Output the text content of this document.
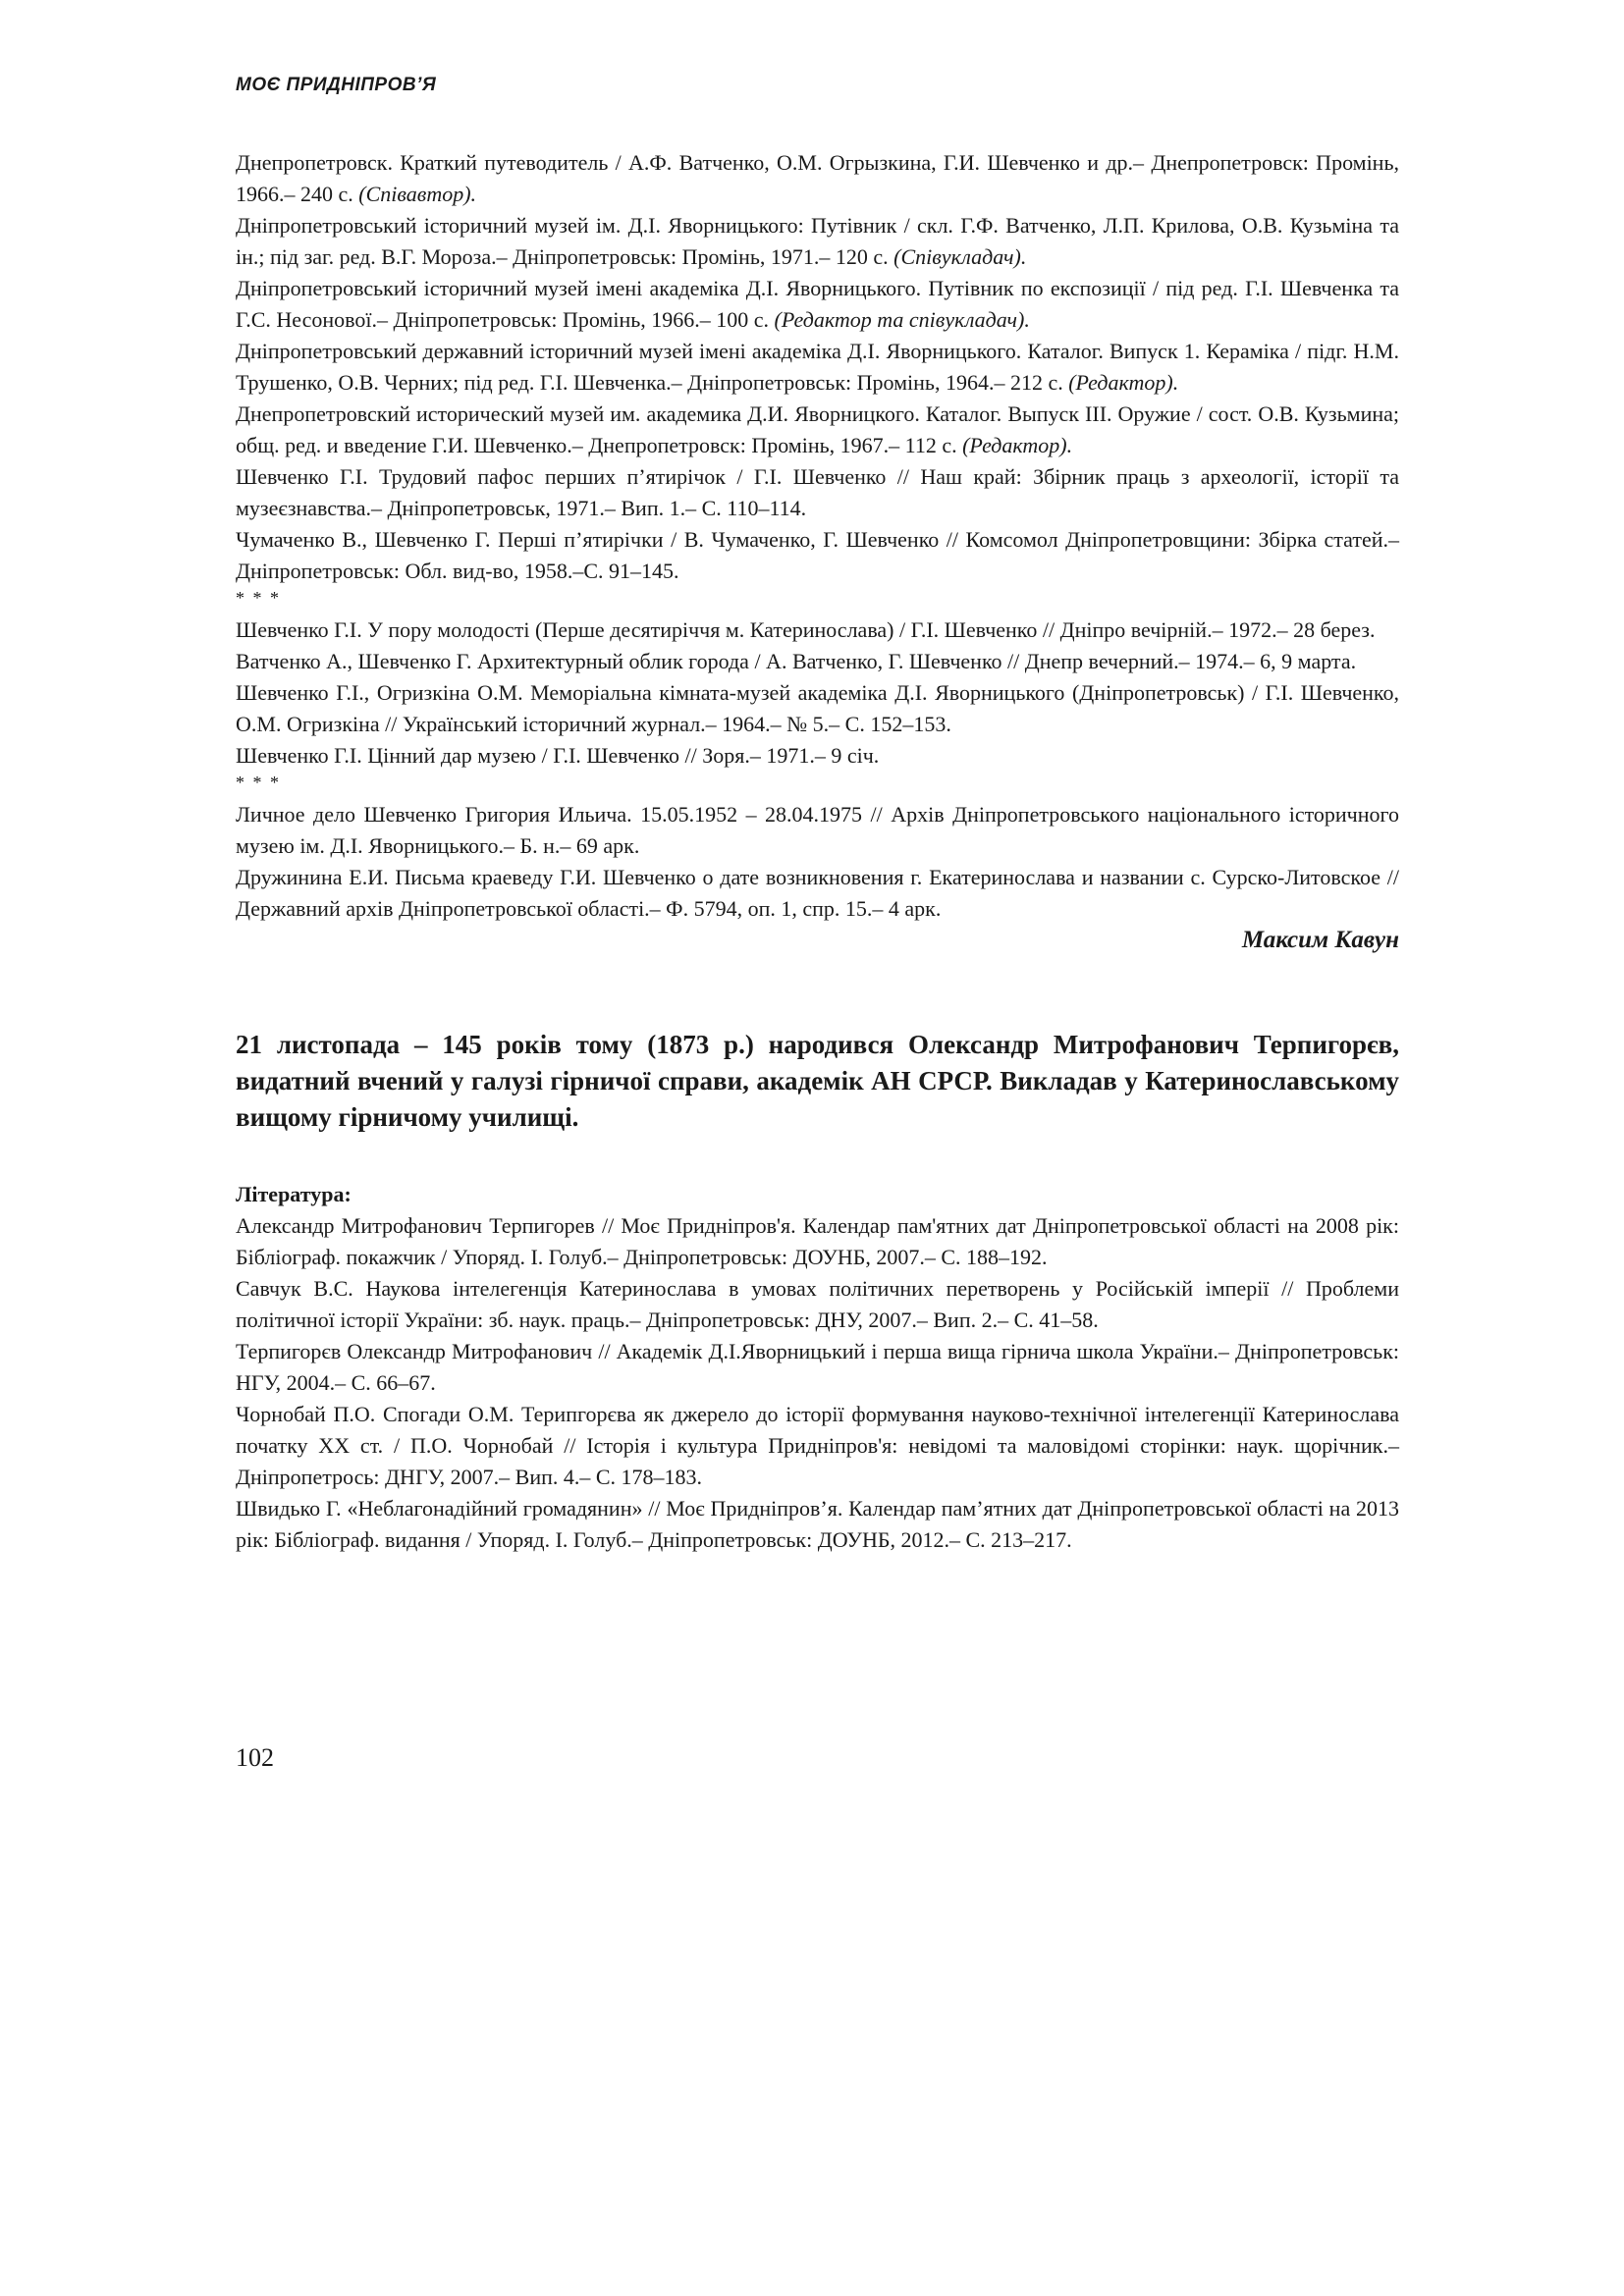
МОЄ ПРИДНІПРОВ’Я

Днепропетровск. Краткий путеводитель / А.Ф. Ватченко, О.М. Огрызкина, Г.И. Шевченко и др.– Днепропетровск: Промінь, 1966.– 240 с. (Співавтор).

Дніпропетровський історичний музей ім. Д.І. Яворницького: Путівник / скл. Г.Ф. Ватченко, Л.П. Крилова, О.В. Кузьміна та ін.; під заг. ред. В.Г. Мороза.– Дніпропетровськ: Промінь, 1971.– 120 с. (Співукладач).

Дніпропетровський історичний музей імені академіка Д.І. Яворницького. Путівник по експозиції / під ред. Г.І. Шевченка та Г.С. Несонової.– Дніпропетровськ: Промінь, 1966.– 100 с. (Редактор та співукладач).

Дніпропетровський державний історичний музей імені академіка Д.І. Яворницького. Каталог. Випуск 1. Кераміка / підг. Н.М. Трушенко, О.В. Черних; під ред. Г.І. Шевченка.– Дніпропетровськ: Промінь, 1964.– 212 с. (Редактор).

Днепропетровский исторический музей им. академика Д.И. Яворницкого. Каталог. Выпуск III. Оружие / сост. О.В. Кузьмина; общ. ред. и введение Г.И. Шевченко.– Днепропетровск: Промінь, 1967.– 112 с. (Редактор).

Шевченко Г.І. Трудовий пафос перших п’ятирічок / Г.І. Шевченко // Наш край: Збірник праць з археології, історії та музеєзнавства.– Дніпропетровськ, 1971.– Вип. 1.– С. 110–114.

Чумаченко В., Шевченко Г. Перші п’ятирічки / В. Чумаченко, Г. Шевченко // Комсомол Дніпропетровщини: Збірка статей.– Дніпропетровськ: Обл. вид-во, 1958.–С. 91–145.

* * *

Шевченко Г.І. У пору молодості (Перше десятиріччя м. Катеринослава) / Г.І. Шевченко // Дніпро вечірній.– 1972.– 28 берез.

Ватченко А., Шевченко Г. Архитектурный облик города / А. Ватченко, Г. Шевченко // Днепр вечерний.– 1974.– 6, 9 марта.

Шевченко Г.І., Огризкіна О.М. Меморіальна кімната-музей академіка Д.І. Яворницького (Дніпропетровськ) / Г.І. Шевченко, О.М. Огризкіна // Український історичний журнал.– 1964.– № 5.– С. 152–153.

Шевченко Г.І. Цінний дар музею / Г.І. Шевченко // Зоря.– 1971.– 9 січ.

* * *

Личное дело Шевченко Григория Ильича. 15.05.1952 – 28.04.1975 // Архів Дніпропетровського національного історичного музею ім. Д.І. Яворницького.– Б. н.– 69 арк.

Дружинина Е.И. Письма краеведу Г.И. Шевченко о дате возникновения г. Екатеринослава и названии с. Сурско-Литовское // Державний архів Дніпропетровської області.– Ф. 5794, оп. 1, спр. 15.– 4 арк.

Максим Кавун

21 листопада – 145 років тому (1873 р.) народився Олександр Митрофанович Терпигорєв, видатний вчений у галузі гірничої справи, академік АН СРСР. Викладав у Катеринославському вищому гірничому училищі.

Література:

Александр Митрофанович Терпигорев // Моє Придніпров'я. Календар пам'ятних дат Дніпропетровської області на 2008 рік: Бібліограф. покажчик / Упоряд. І. Голуб.– Дніпропетровськ: ДОУНБ, 2007.– С. 188–192.

Савчук В.С. Наукова інтелегенція Катеринослава в умовах політичних перетворень у Російській імперії // Проблеми політичної історії України: зб. наук. праць.– Дніпропетровськ: ДНУ, 2007.– Вип. 2.– С. 41–58.

Терпигорєв Олександр Митрофанович // Академік Д.І.Яворницький і перша вища гірнича школа України.– Дніпропетровськ: НГУ, 2004.– С. 66–67.

Чорнобай П.О. Спогади О.М. Терипгорєва як джерело до історії формування науково-технічної інтелегенції Катеринослава початку ХХ ст. / П.О. Чорнобай // Історія і культура Придніпров'я: невідомі та маловідомі сторінки: наук. щорічник.– Дніпропетрось: ДНГУ, 2007.– Вип. 4.– С. 178–183.

Швидько Г. «Неблагонадійний громадянин» // Моє Придніпров’я. Календар пам’ятних дат Дніпропетровської області на 2013 рік: Бібліограф. видання / Упоряд. І. Голуб.– Дніпропетровськ: ДОУНБ, 2012.– С. 213–217.

102
